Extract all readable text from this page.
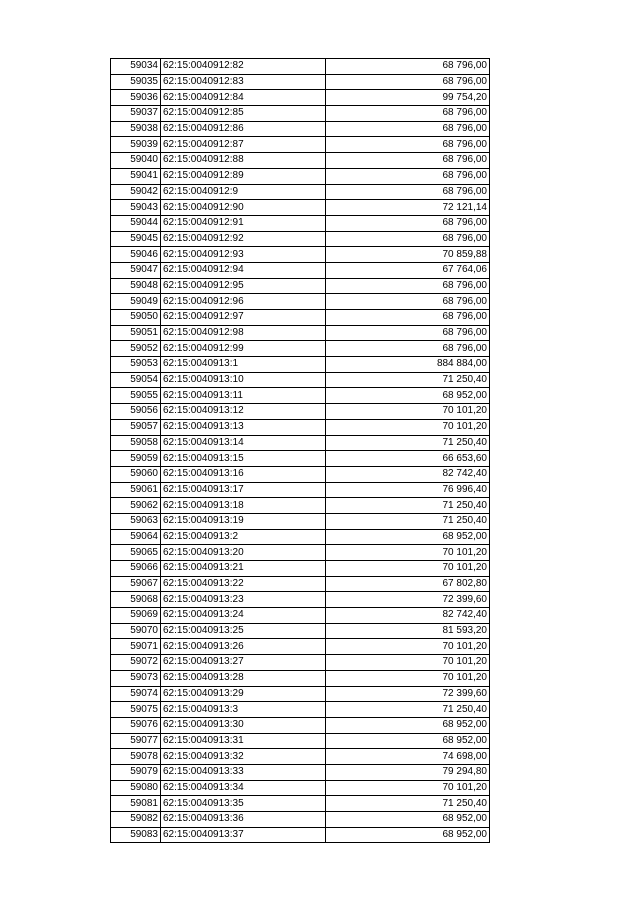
59034	62:15:0040912:82	68 796,00
59035	62:15:0040912:83	68 796,00
59036	62:15:0040912:84	99 754,20
59037	62:15:0040912:85	68 796,00
59038	62:15:0040912:86	68 796,00
59039	62:15:0040912:87	68 796,00
59040	62:15:0040912:88	68 796,00
59041	62:15:0040912:89	68 796,00
59042	62:15:0040912:9	68 796,00
59043	62:15:0040912:90	72 121,14
59044	62:15:0040912:91	68 796,00
59045	62:15:0040912:92	68 796,00
59046	62:15:0040912:93	70 859,88
59047	62:15:0040912:94	67 764,06
59048	62:15:0040912:95	68 796,00
59049	62:15:0040912:96	68 796,00
59050	62:15:0040912:97	68 796,00
59051	62:15:0040912:98	68 796,00
59052	62:15:0040912:99	68 796,00
59053	62:15:0040913:1	884 884,00
59054	62:15:0040913:10	71 250,40
59055	62:15:0040913:11	68 952,00
59056	62:15:0040913:12	70 101,20
59057	62:15:0040913:13	70 101,20
59058	62:15:0040913:14	71 250,40
59059	62:15:0040913:15	66 653,60
59060	62:15:0040913:16	82 742,40
59061	62:15:0040913:17	76 996,40
59062	62:15:0040913:18	71 250,40
59063	62:15:0040913:19	71 250,40
59064	62:15:0040913:2	68 952,00
59065	62:15:0040913:20	70 101,20
59066	62:15:0040913:21	70 101,20
59067	62:15:0040913:22	67 802,80
59068	62:15:0040913:23	72 399,60
59069	62:15:0040913:24	82 742,40
59070	62:15:0040913:25	81 593,20
59071	62:15:0040913:26	70 101,20
59072	62:15:0040913:27	70 101,20
59073	62:15:0040913:28	70 101,20
59074	62:15:0040913:29	72 399,60
59075	62:15:0040913:3	71 250,40
59076	62:15:0040913:30	68 952,00
59077	62:15:0040913:31	68 952,00
59078	62:15:0040913:32	74 698,00
59079	62:15:0040913:33	79 294,80
59080	62:15:0040913:34	70 101,20
59081	62:15:0040913:35	71 250,40
59082	62:15:0040913:36	68 952,00
59083	62:15:0040913:37	68 952,00
